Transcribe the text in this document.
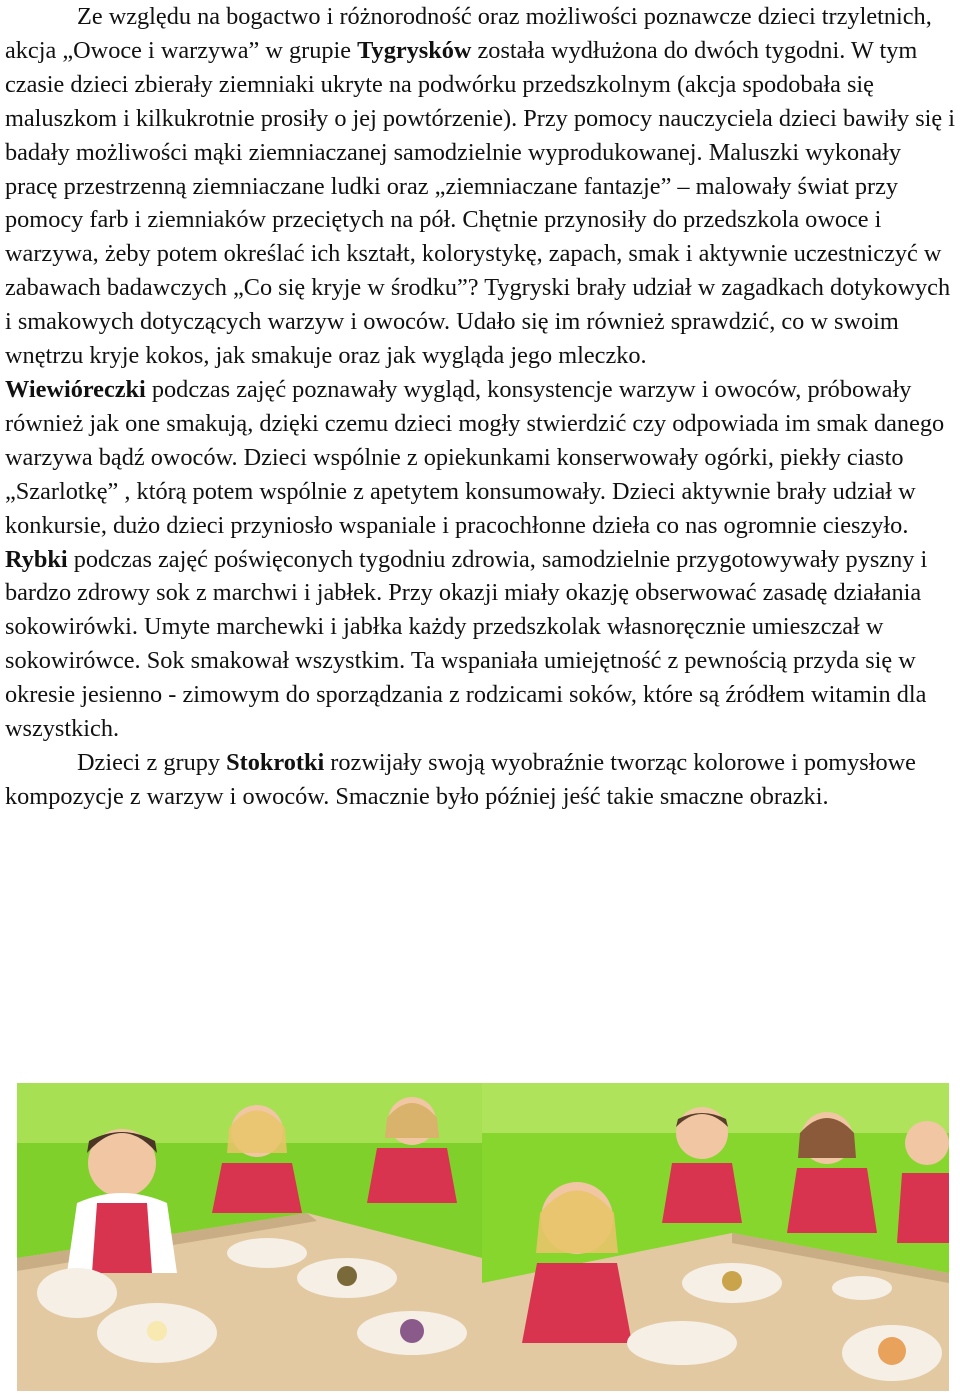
Ze względu na bogactwo i różnorodność oraz możliwości poznawcze dzieci trzyletnich, akcja „Owoce i warzywa” w grupie Tygrysków została wydłużona do dwóch tygodni. W tym czasie dzieci zbierały ziemniaki ukryte na podwórku przedszkolnym (akcja spodobała się maluszkom i kilkukrotnie prosiły o jej powtórzenie). Przy pomocy nauczyciela dzieci bawiły się i badały możliwości mąki ziemniaczanej samodzielnie wyprodukowanej. Maluszki wykonały pracę przestrzenną ziemniaczane ludki oraz „ziemniaczane fantazje” – malowały świat przy pomocy farb i ziemniaków przeciętych na pół. Chętnie przynosiły do przedszkola owoce i warzywa, żeby potem określać ich kształt, kolorystykę, zapach, smak i aktywnie uczestniczyć w zabawach badawczych „Co się kryje w środku”? Tygryski brały udział w zagadkach dotykowych i smakowych dotyczących warzyw i owoców. Udało się im również sprawdzić, co w swoim wnętrzu kryje kokos, jak smakuje oraz jak wygląda jego mleczko.

Wiewióreczki podczas zajęć poznawały wygląd, konsystencje warzyw i owoców, próbowały również jak one smakują, dzięki czemu dzieci mogły stwierdzić czy odpowiada im smak danego warzywa bądź owoców. Dzieci wspólnie z opiekunkami konserwowały ogórki, piekły ciasto „Szarlotkę” , którą potem wspólnie z apetytem konsumowały. Dzieci aktywnie brały udział w konkursie, dużo dzieci przyniosło wspaniale i pracochłonne dzieła co nas ogromnie cieszyło.

Rybki podczas zajęć poświęconych tygodniu zdrowia, samodzielnie przygotowywały pyszny i bardzo zdrowy sok z marchwi i jabłek. Przy okazji miały okazję obserwować zasadę działania sokowirówki. Umyte marchewki i jabłka każdy przedszkolak własnoręcznie umieszczał w sokowirówce. Sok smakował wszystkim. Ta wspaniała umiejętność z pewnością przyda się w okresie jesienno - zimowym do sporządzania z rodzicami soków, które są źródłem witamin dla wszystkich.

Dzieci z grupy Stokrotki rozwijały swoją wyobraźnie tworząc kolorowe i pomysłowe kompozycje z warzyw i owoców. Smacznie było później jeść takie smaczne obrazki.
